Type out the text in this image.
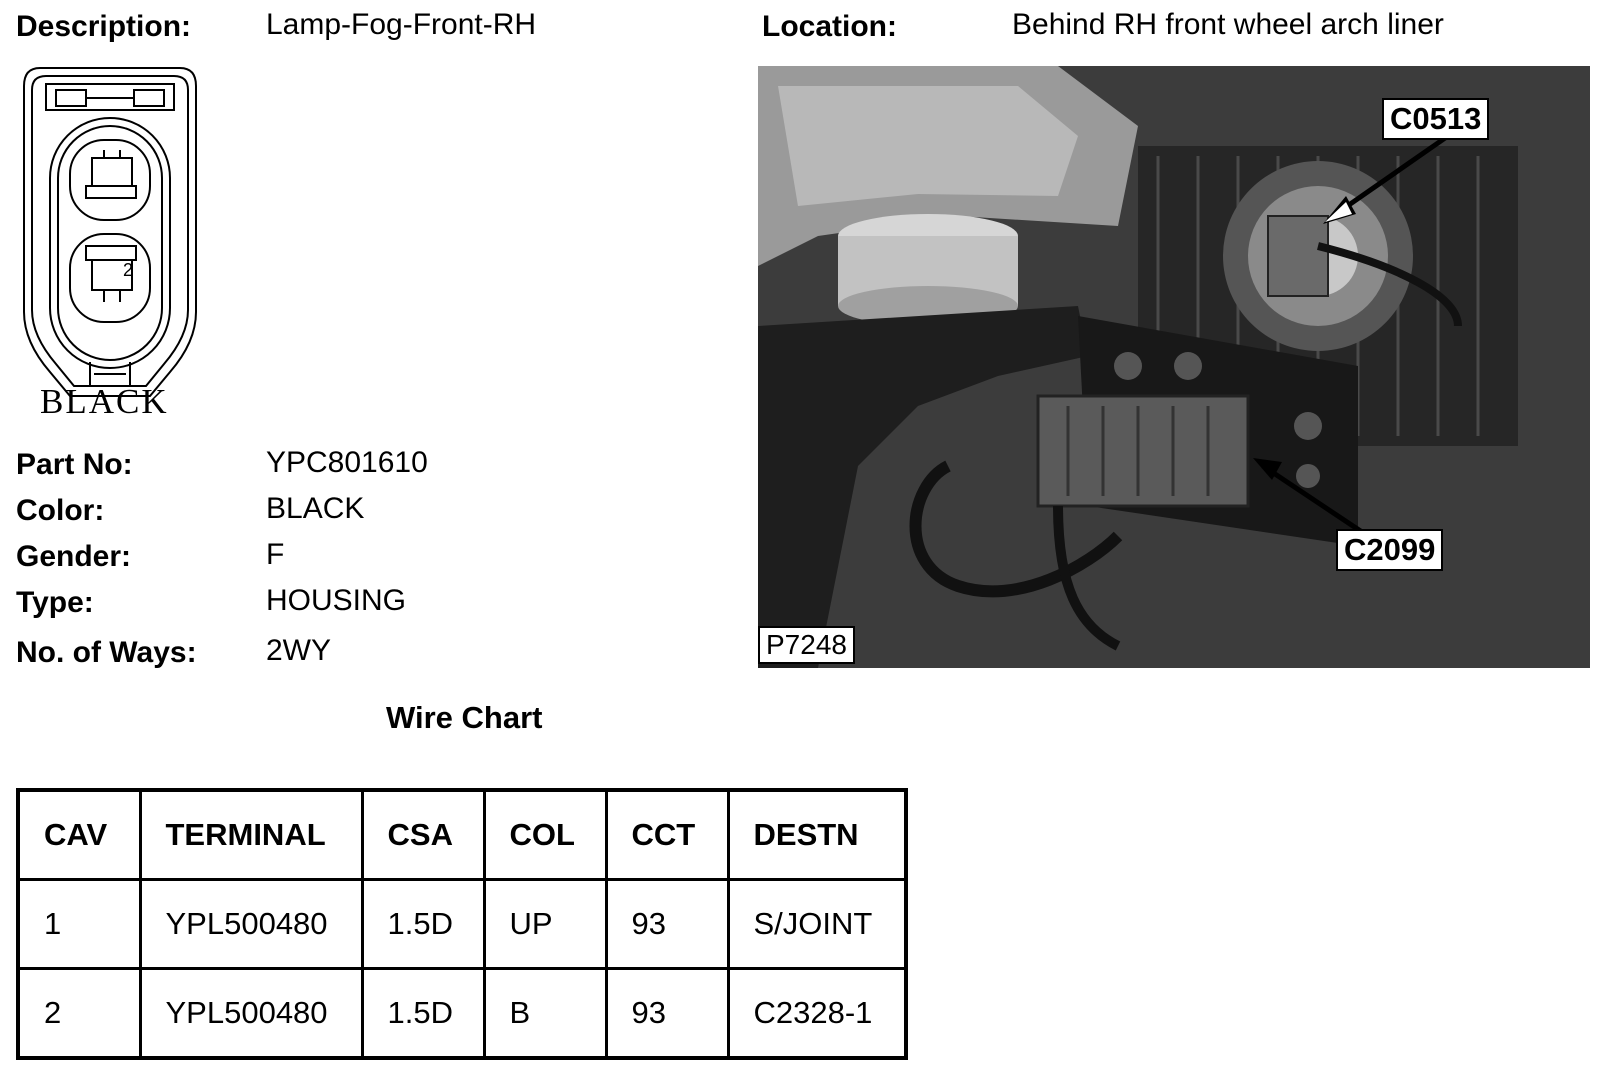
Description: Lamp-Fog-Front-RH	Location:	Behind RH front wheel arch liner
2
BLACK
Part No:	YPC801610
Color:	BLACK
Gender:	F
Type:	HOUSING
No. of Ways: 2WY
C0513
C2099
P7248
Wire Chart
CAV	TERMINAL	CSA	COL	CCT	DESTN
1	YPL500480	1.5D	UP	93	S/JOINT
2	YPL500480	1.5D	B	93	C2328-1
